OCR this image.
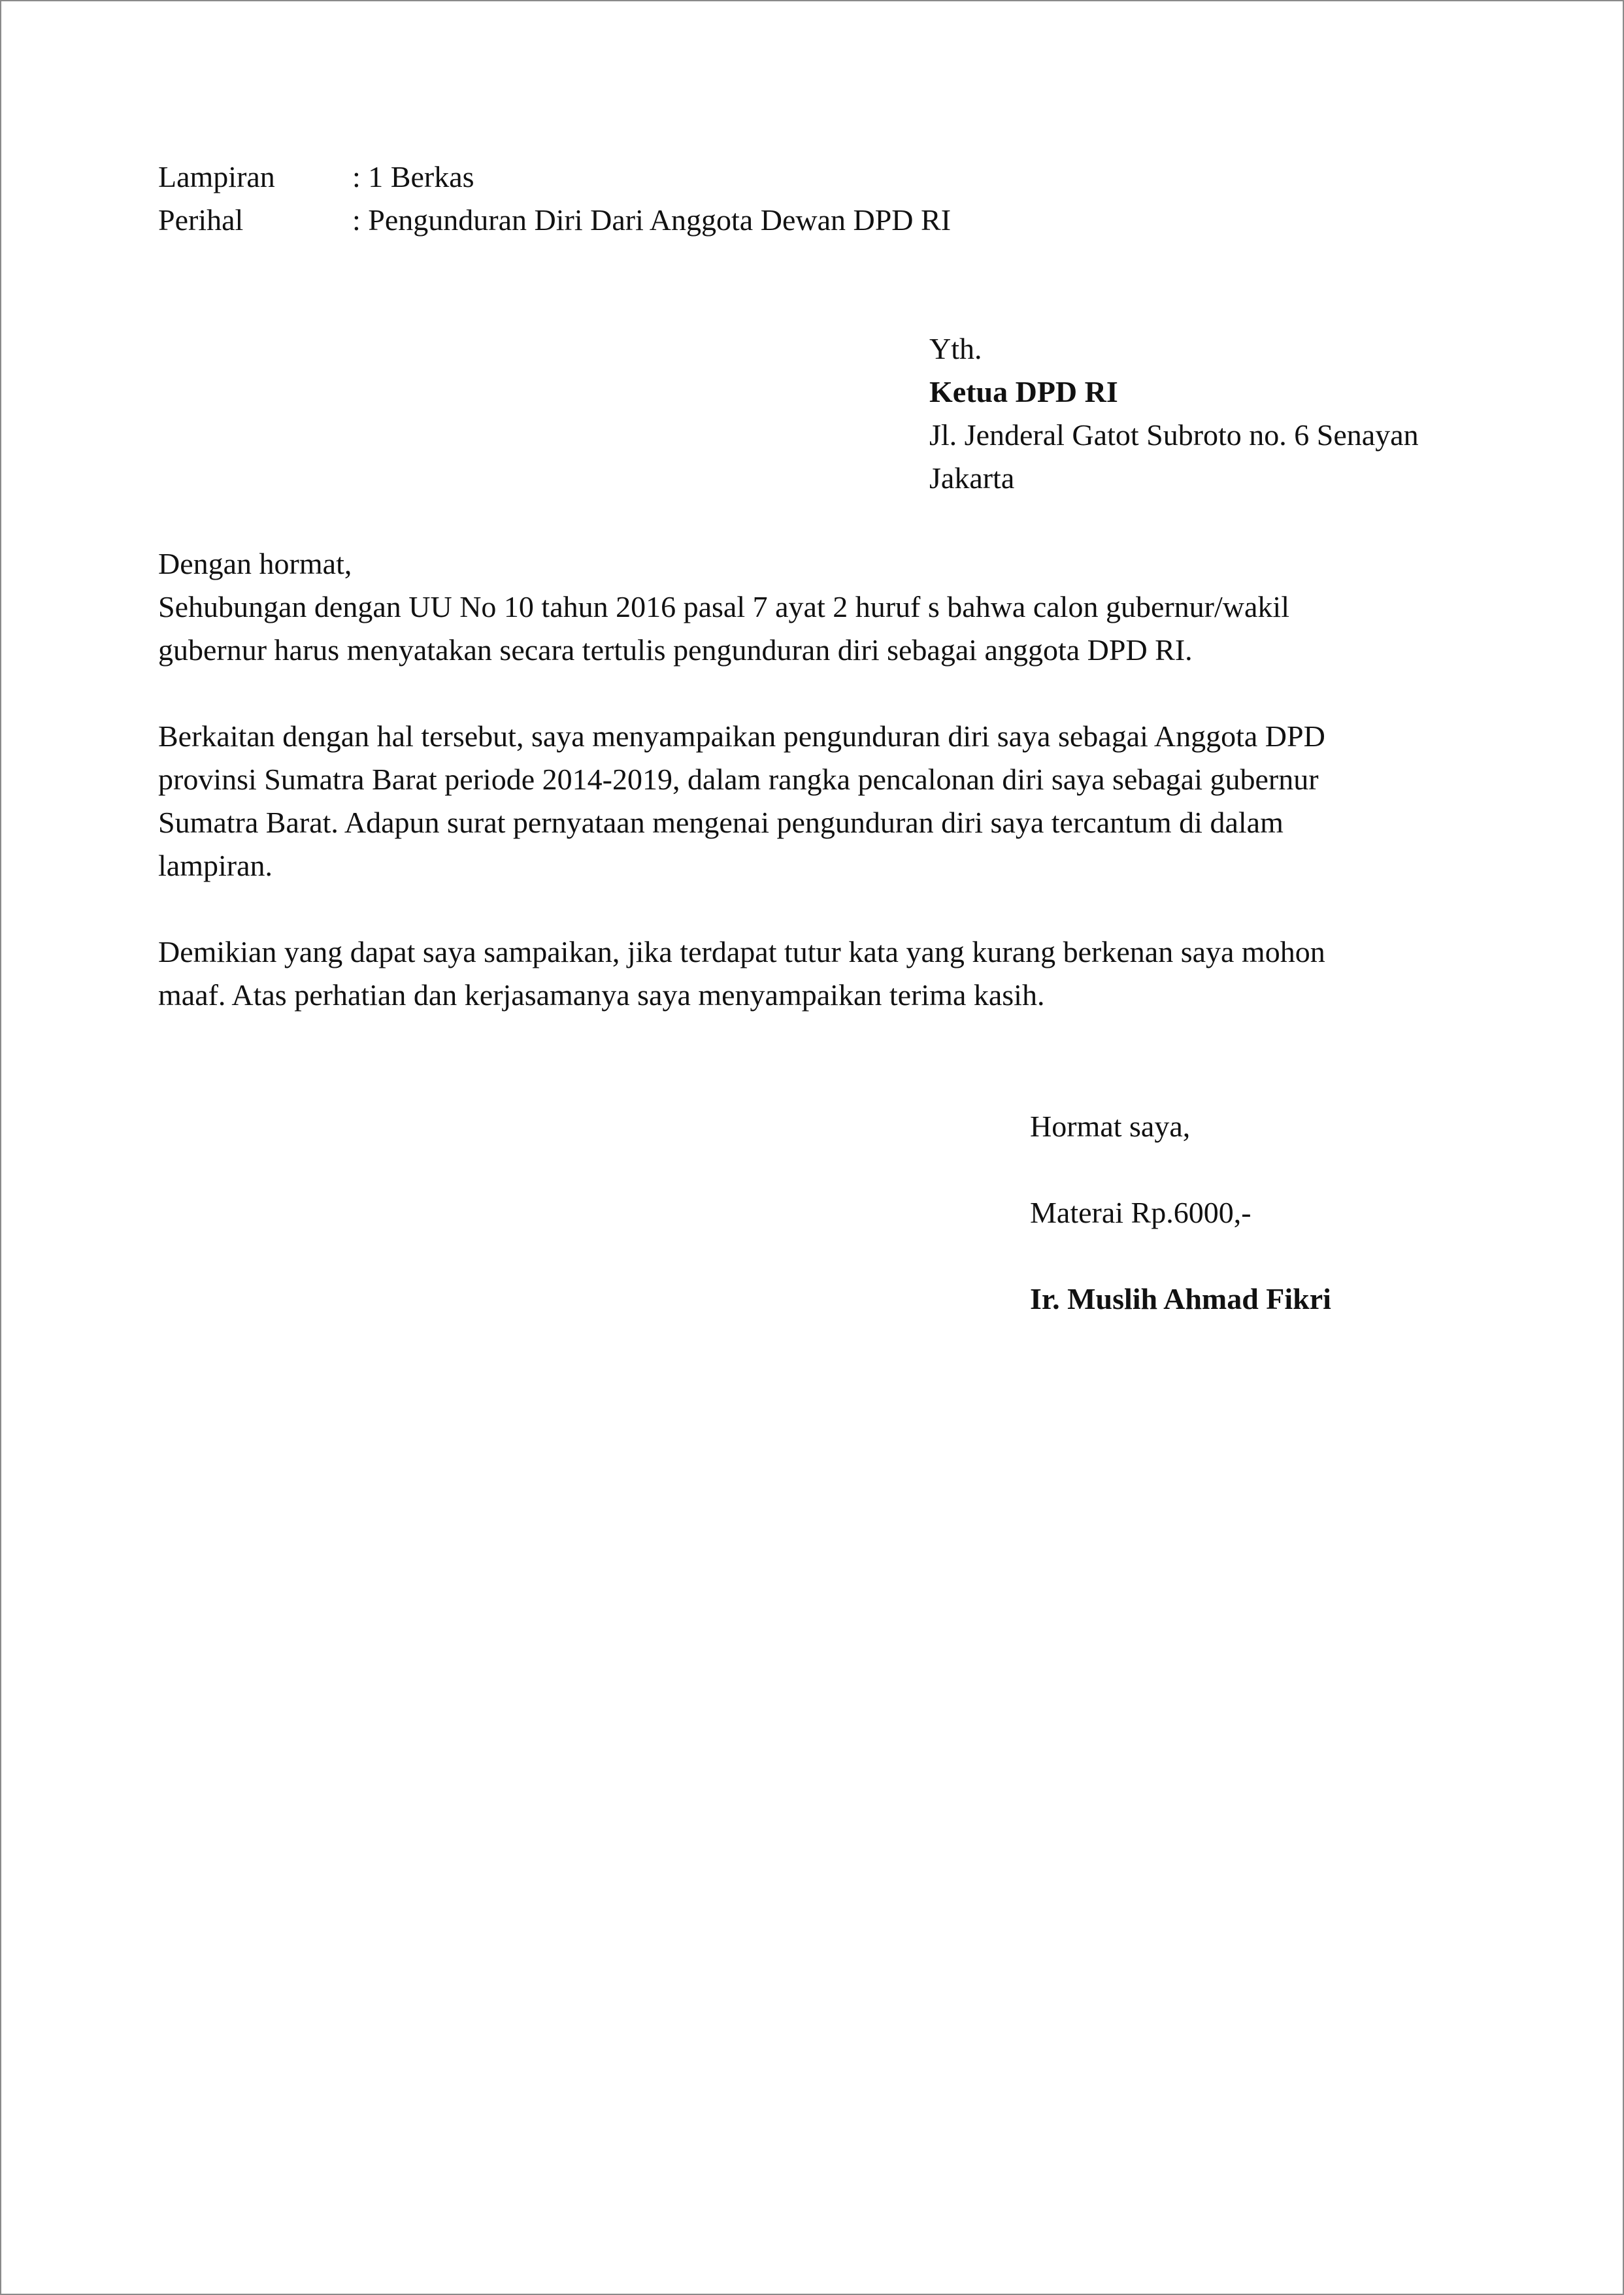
Lampiran	: 1 Berkas
Perihal	: Pengunduran Diri Dari Anggota Dewan DPD RI
Yth.
Ketua DPD RI
Jl. Jenderal Gatot Subroto no. 6 Senayan
Jakarta
Dengan hormat,
Sehubungan dengan UU No 10 tahun 2016 pasal 7 ayat 2 huruf s bahwa calon gubernur/wakil
gubernur harus menyatakan secara tertulis pengunduran diri sebagai anggota DPD RI.
Berkaitan dengan hal tersebut, saya menyampaikan pengunduran diri saya sebagai Anggota DPD
provinsi Sumatra Barat periode 2014-2019, dalam rangka pencalonan diri saya sebagai gubernur
Sumatra Barat. Adapun surat pernyataan mengenai pengunduran diri saya tercantum di dalam
lampiran.
Demikian yang dapat saya sampaikan, jika terdapat tutur kata yang kurang berkenan saya mohon
maaf. Atas perhatian dan kerjasamanya saya menyampaikan terima kasih.
Hormat saya,
Materai Rp.6000,-
Ir. Muslih Ahmad Fikri
